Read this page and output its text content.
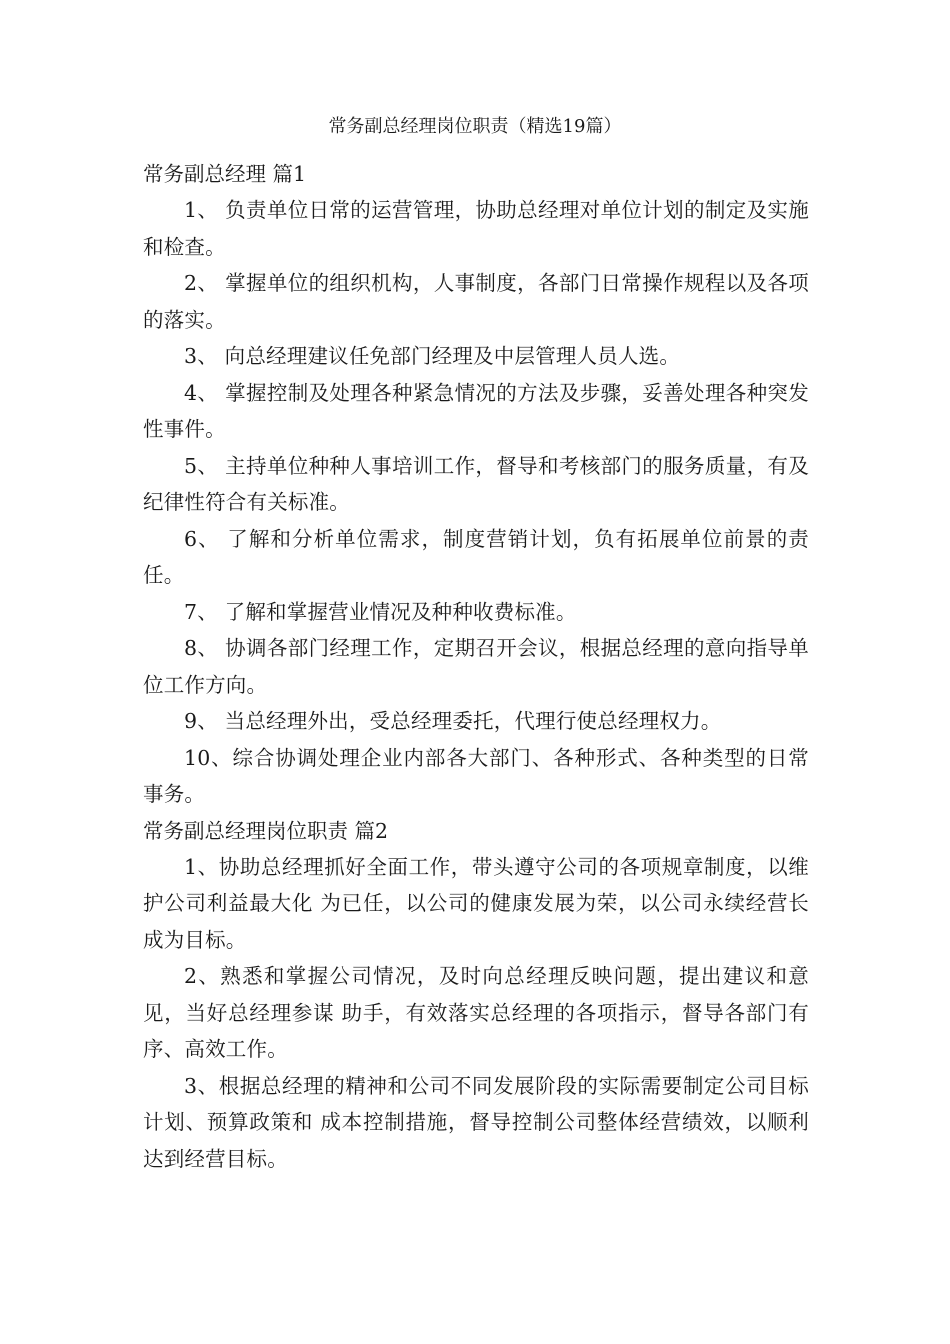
常务副总经理岗位职责（精选19篇）

常务副总经理 篇1

1、 负责单位日常的运营管理，协助总经理对单位计划的制定及实施和检查。

2、 掌握单位的组织机构，人事制度，各部门日常操作规程以及各项的落实。

3、 向总经理建议任免部门经理及中层管理人员人选。

4、 掌握控制及处理各种紧急情况的方法及步骤，妥善处理各种突发性事件。

5、 主持单位种种人事培训工作，督导和考核部门的服务质量，有及纪律性符合有关标准。

6、 了解和分析单位需求，制度营销计划，负有拓展单位前景的责任。

7、 了解和掌握营业情况及种种收费标准。

8、 协调各部门经理工作，定期召开会议，根据总经理的意向指导单位工作方向。

9、 当总经理外出，受总经理委托，代理行使总经理权力。

10、综合协调处理企业内部各大部门、各种形式、各种类型的日常事务。

常务副总经理岗位职责 篇2

1、协助总经理抓好全面工作，带头遵守公司的各项规章制度，以维护公司利益最大化 为已任，以公司的健康发展为荣，以公司永续经营长成为目标。

2、熟悉和掌握公司情况，及时向总经理反映问题，提出建议和意见，当好总经理参谋 助手，有效落实总经理的各项指示，督导各部门有序、高效工作。

3、根据总经理的精神和公司不同发展阶段的实际需要制定公司目标计划、预算政策和 成本控制措施，督导控制公司整体经营绩效，以顺利达到经营目标。
